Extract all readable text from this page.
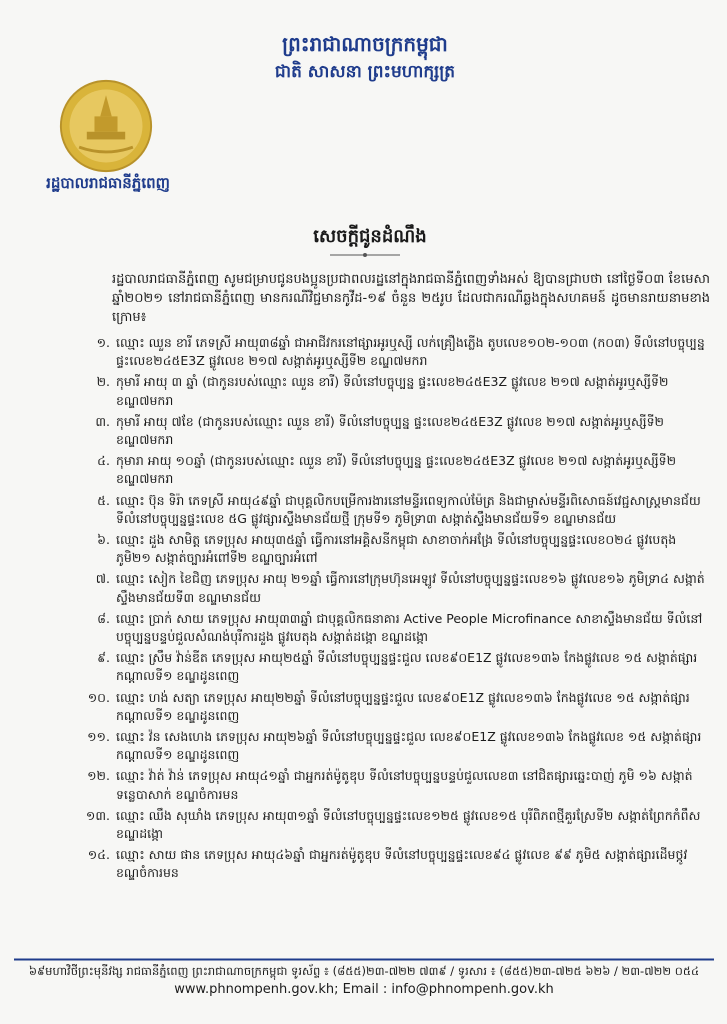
ព្រះរាជាណាចក្រកម្ពុជា
ជាតិ សាសនា ព្រះមហាក្សត្រ
រដ្ឋបាលរាជធានីភ្នំពេញ
សេចក្តីជូនដំណឹង
រដ្ឋបាលរាជធានីភ្នំពេញ សូមជម្រាបជូនបងប្អូនប្រជាពលរដ្ឋនៅក្នុងរាជធានីភ្នំពេញទាំងអស់ ឱ្យបានជ្រាបថា នៅថ្ងៃទី០៣ ខែមេសា ឆ្នាំ២០២១ នៅរាជធានីភ្នំពេញ មានករណីវិជ្ជមានកូវីដ-១៩ ចំនួន ២៥រូប ដែលជាករណីឆ្លងក្នុងសហគមន៍ ដូចមានរាយនាមខាងក្រោម៖
១. ឈ្មោះ ឈួន ខារី ភេទស្រី អាយុ៣៨ឆ្នាំ ជាអាជីវករនៅផ្សារអូរឬស្សី លក់គ្រឿងភ្លើង តូបលេខ១០២-១០៣ (ក០៣) ទីលំនៅបច្ចុប្បន្ន ផ្ទះលេខ២៤៥E3Z ផ្លូវលេខ ២១៧ សង្កាត់អូរឬស្សីទី២ ខណ្ឌ៧មករា
២. កុមារី អាយុ ៣ ឆ្នាំ (ជាកូនរបស់ឈ្មោះ ឈួន ខារី) ទីលំនៅបច្ចុប្បន្ន ផ្ទះលេខ២៤៥E3Z ផ្លូវលេខ ២១៧ សង្កាត់អូរឬស្សីទី២ ខណ្ឌ៧មករា
៣. កុមារី អាយុ ៧ខែ (ជាកូនរបស់ឈ្មោះ ឈួន ខារី) ទីលំនៅបច្ចុប្បន្ន ផ្ទះលេខ២៤៥E3Z ផ្លូវលេខ ២១៧ សង្កាត់អូរឬស្សីទី២ ខណ្ឌ៧មករា
៤. កុមារា អាយុ ១០ឆ្នាំ (ជាកូនរបស់ឈ្មោះ ឈួន ខារី) ទីលំនៅបច្ចុប្បន្ន ផ្ទះលេខ២៤៥E3Z ផ្លូវលេខ ២១៧ សង្កាត់អូរឬស្សីទី២ ខណ្ឌ៧មករា
៥. ឈ្មោះ ប៊ុន ទិរ៉ា ភេទស្រី អាយុ៤៩ឆ្នាំ ជាបុគ្គលិកបម្រើការងារនៅមន្ទីរពេទ្យកាល់ម៉ែត្រ និងជាម្ចាស់មន្ទីរពិសោធន៍វេជ្ជសាស្ត្រមានជ័យ ទីលំនៅបច្ចុប្បន្នផ្ទះលេខ ៥G ផ្លូវផ្សារស្ទឹងមានជ័យថ្មី ក្រុមទី១ ភូមិទ្រា៣ សង្កាត់ស្ទឹងមានជ័យទី១ ខណ្ឌមានជ័យ
៦. ឈ្មោះ ដួង សាមិត្ត ភេទប្រុស អាយុ៣៥ឆ្នាំ ធ្វើការនៅអគ្គិសនីកម្ពុជា សាខាចាក់អង្រែ ទីលំនៅបច្ចុប្បន្នផ្ទះលេខ០២៤ ផ្លូវបេតុង ភូមិ២១ សង្កាត់ច្បារអំពៅទី២ ខណ្ឌច្បារអំពៅ
៧. ឈ្មោះ សៀក ខៃជិញ ភេទប្រុស អាយុ ២១ឆ្នាំ ធ្វើការនៅក្រុមហ៊ុនអេឡូវ ទីលំនៅបច្ចុប្បន្នផ្ទះលេខ១៦ ផ្លូវលេខ១៦ ភូមិទ្រា៤ សង្កាត់ស្ទឹងមានជ័យទី៣ ខណ្ឌមានជ័យ
៨. ឈ្មោះ ប្រាក់ សាយ ភេទប្រុស អាយុ៣៣ឆ្នាំ ជាបុគ្គលិកធនាគារ Active People Microfinance សាខាស្ទឹងមានជ័យ ទីលំនៅបច្ចុប្បន្នបន្ទប់ជួលសំណង់បុរីការដួង ផ្លូវបេតុង សង្កាត់ដង្កោ ខណ្ឌដង្កោ
៩. ឈ្មោះ ស្រឹម វ៉ាន់ឌីត ភេទប្រុស អាយុ២៥ឆ្នាំ ទីលំនៅបច្ចុប្បន្នផ្ទះជួល លេខ៩០E1Z ផ្លូវលេខ១៣៦ កែងផ្លូវលេខ ១៥ សង្កាត់ផ្សារកណ្ដាលទី១ ខណ្ឌដូនពេញ
១០. ឈ្មោះ ហង់ សត្យា ភេទប្រុស អាយុ២២ឆ្នាំ ទីលំនៅបច្ចុប្បន្នផ្ទះជួល លេខ៩០E1Z ផ្លូវលេខ១៣៦ កែងផ្លូវលេខ ១៥ សង្កាត់ផ្សារកណ្ដាលទី១ ខណ្ឌដូនពេញ
១១. ឈ្មោះ វ៉ន សេងហេង ភេទប្រុស អាយុ២៦ឆ្នាំ ទីលំនៅបច្ចុប្បន្នផ្ទះជួល លេខ៩០E1Z ផ្លូវលេខ១៣៦ កែងផ្លូវលេខ ១៥ សង្កាត់ផ្សារកណ្ដាលទី១ ខណ្ឌដូនពេញ
១២. ឈ្មោះ វ៉ាត់ វ៉ាន់ ភេទប្រុស អាយុ៤១ឆ្នាំ ជាអ្នករត់ម៉ូតូឌុប ទីលំនៅបច្ចុប្បន្នបន្ទប់ជួលលេខ៣ នៅជិតផ្សារឆ្នេះបាញ់ ភូមិ ១៦ សង្កាត់ទន្លេបាសាក់ ខណ្ឌចំការមន
១៣. ឈ្មោះ ឈឹង សុឃាំង ភេទប្រុស អាយុ៣១ឆ្នាំ ទីលំនៅបច្ចុប្បន្នផ្ទះលេខ១២៥ ផ្លូវលេខ១៥ បុរីពិភពថ្មីគួរស្រែទី២ សង្កាត់ព្រែកកំពឹស ខណ្ឌដង្កោ
១៤. ឈ្មោះ សាយ ផាន ភេទប្រុស អាយុ៤៦ឆ្នាំ ជាអ្នករត់ម៉ូតូឌុប ទីលំនៅបច្ចុប្បន្នផ្ទះលេខ៩៤ ផ្លូវលេខ ៩៩ ភូមិ៥ សង្កាត់ផ្សារដើមថ្កូវ ខណ្ឌចំការមន
៦៩មហាវិថីព្រះមុនីវង្ស រាជធានីភ្នំពេញ ព្រះរាជាណាចក្រកម្ពុជា ទូរស័ព្ទ ៖ (៨៥៥)២៣-៧២២ ៧៣៩ / ទូរសារ ៖ (៨៥៥)២៣-៧២៥ ៦២៦ / ២៣-៧២២ ០៥៤
www.phnompenh.gov.kh; Email : info@phnompenh.gov.kh
